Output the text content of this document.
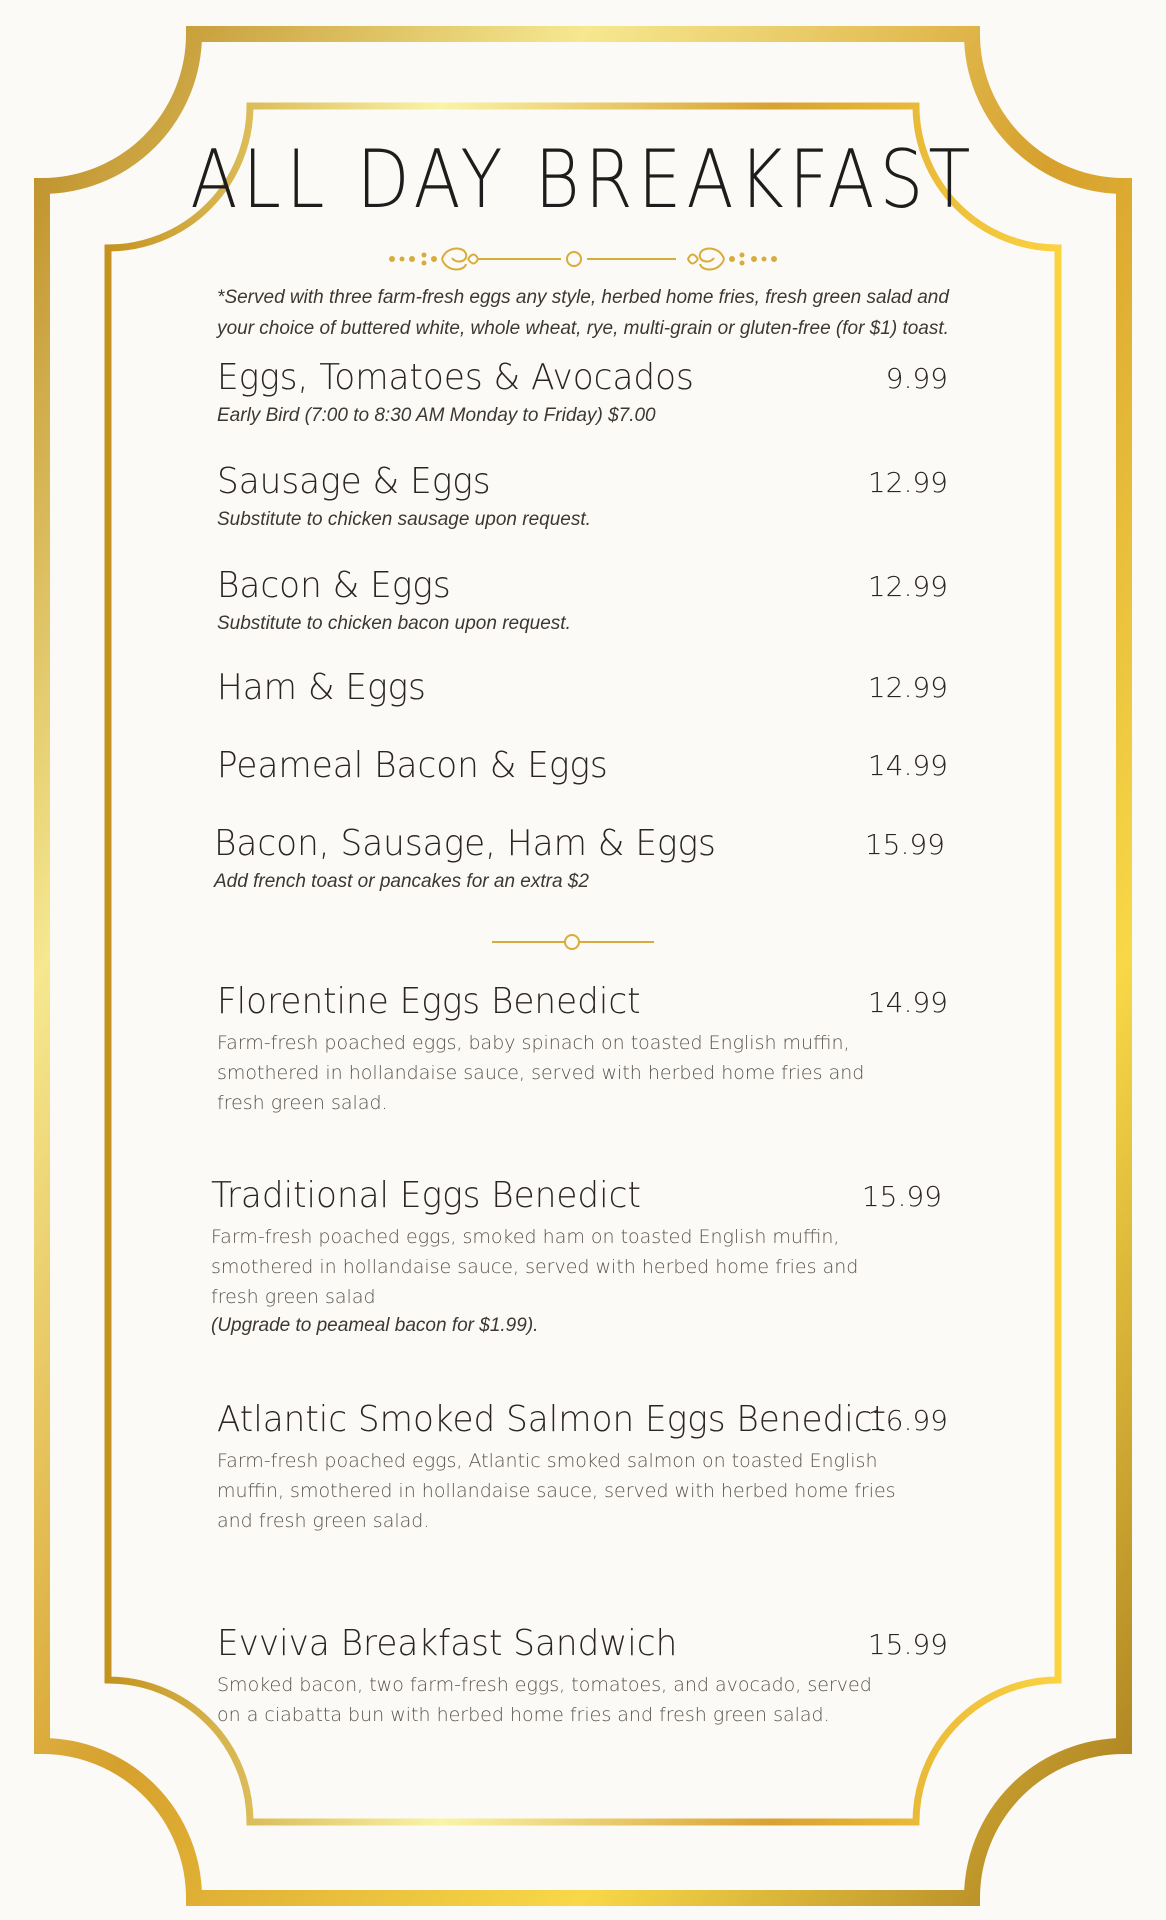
ALL DAY BREAKFAST
*Served with three farm-fresh eggs any style, herbed home fries, fresh green salad and your choice of buttered white, whole wheat, rye, multi-grain or gluten-free (for $1) toast.
Eggs, Tomatoes & Avocados
Early Bird (7:00 to 8:30 AM Monday to Friday) $7.00
9.99
Sausage & Eggs
Substitute to chicken sausage upon request.
12.99
Bacon & Eggs
Substitute to chicken bacon upon request.
12.99
Ham & Eggs	12.99
Peameal Bacon & Eggs	14.99
Bacon, Sausage, Ham & Eggs
Add french toast or pancakes for an extra $2
15.99
Florentine Eggs Benedict
Farm-fresh poached eggs, baby spinach on toasted English muffin, smothered in hollandaise sauce, served with herbed home fries and fresh green salad.
14.99
Traditional Eggs Benedict
Farm-fresh poached eggs, smoked ham on toasted English muffin, smothered in hollandaise sauce, served with herbed home fries and fresh green salad
(Upgrade to peameal bacon for $1.99).
15.99
Atlantic Smoked Salmon Eggs Benedict
Farm-fresh poached eggs, Atlantic smoked salmon on toasted English muffin, smothered in hollandaise sauce, served with herbed home fries and fresh green salad.
16.99
Evviva Breakfast Sandwich
Smoked bacon, two farm-fresh eggs, tomatoes, and avocado, served on a ciabatta bun with herbed home fries and fresh green salad.
15.99
